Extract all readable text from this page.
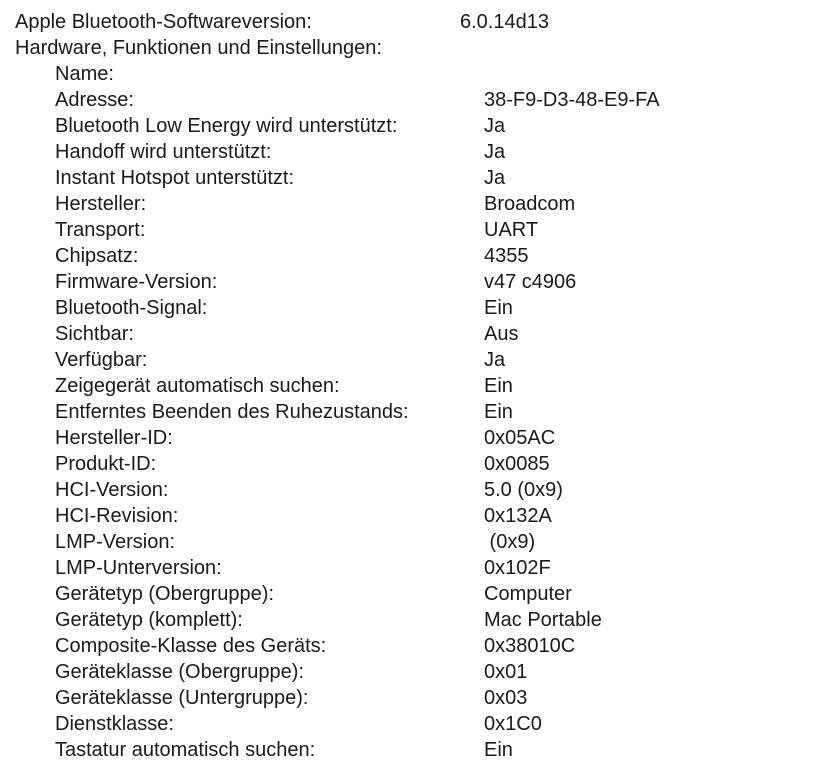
Apple Bluetooth-Softwareversion:	6.0.14d13
Hardware, Funktionen und Einstellungen:
Name:
Adresse:	38-F9-D3-48-E9-FA
Bluetooth Low Energy wird unterstützt:	Ja
Handoff wird unterstützt:	Ja
Instant Hotspot unterstützt:	Ja
Hersteller:	Broadcom
Transport:	UART
Chipsatz:	4355
Firmware-Version:	v47 c4906
Bluetooth-Signal:	Ein
Sichtbar:	Aus
Verfügbar:	Ja
Zeigegerät automatisch suchen:	Ein
Entferntes Beenden des Ruhezustands:	Ein
Hersteller-ID:	0x05AC
Produkt-ID:	0x0085
HCI-Version:	5.0 (0x9)
HCI-Revision:	0x132A
LMP-Version:	(0x9)
LMP-Unterversion:	0x102F
Gerätetyp (Obergruppe):	Computer
Gerätetyp (komplett):	Mac Portable
Composite-Klasse des Geräts:	0x38010C
Geräteklasse (Obergruppe):	0x01
Geräteklasse (Untergruppe):	0x03
Dienstklasse:	0x1C0
Tastatur automatisch suchen:	Ein
